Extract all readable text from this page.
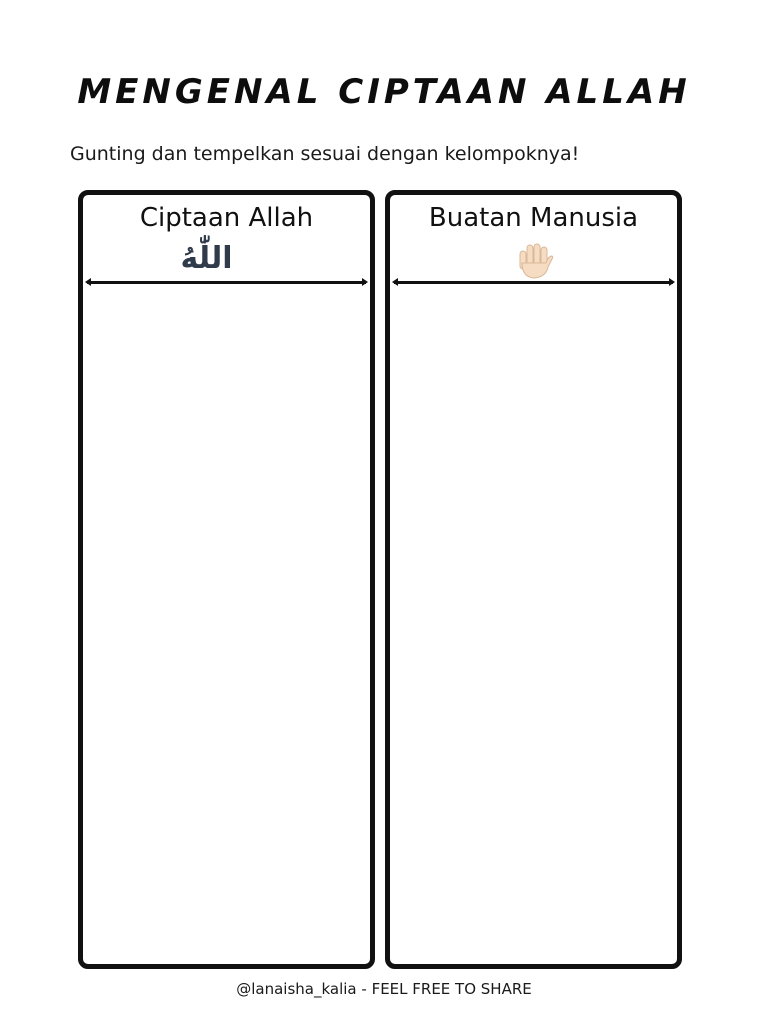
MENGENAL CIPTAAN ALLAH
Gunting dan tempelkan sesuai dengan kelompoknya!
Ciptaan Allah
اللّٰهُ
Buatan Manusia
@lanaisha_kalia - FEEL FREE TO SHARE
